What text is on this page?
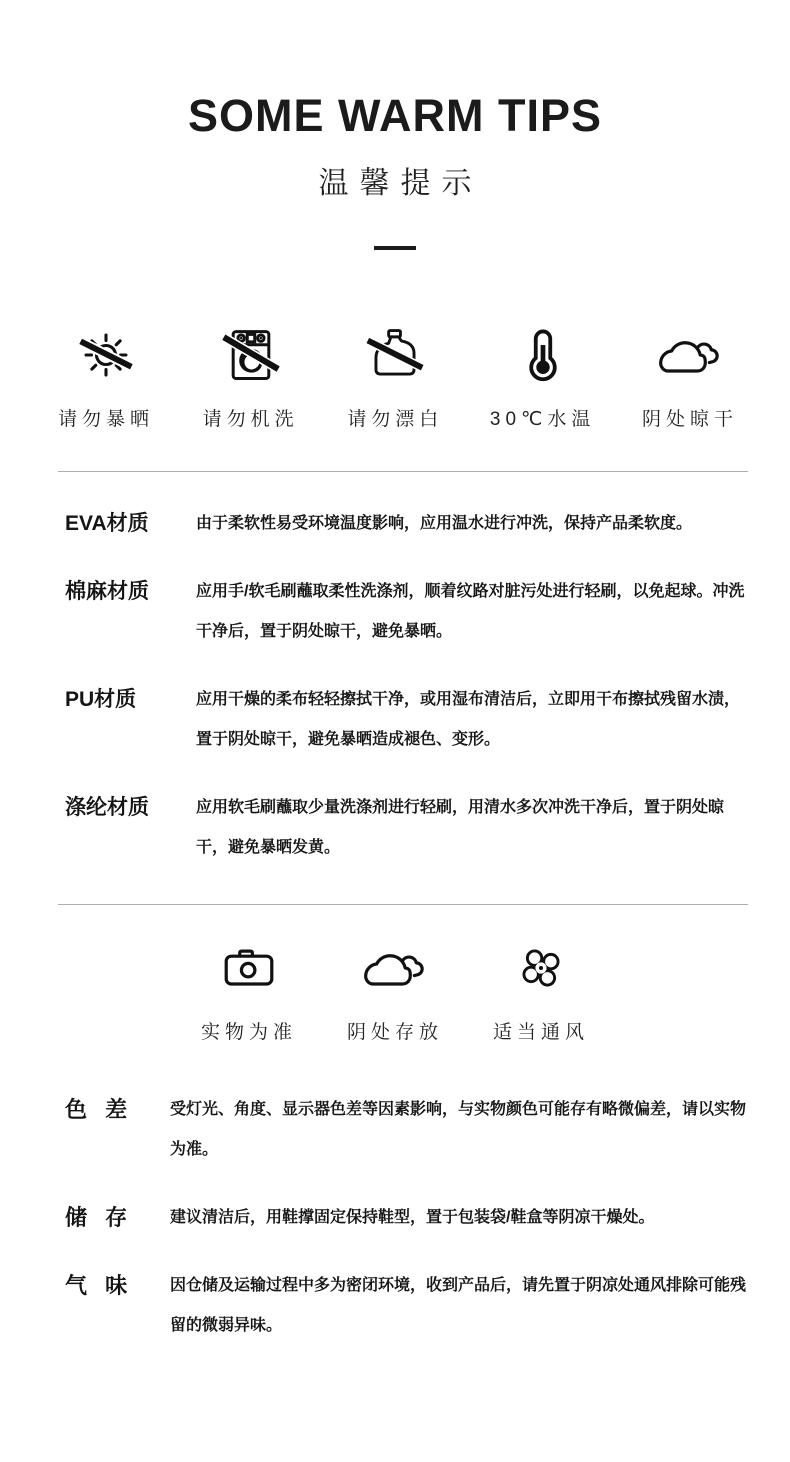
SOME WARM TIPS
温馨提示
请勿暴晒	请勿机洗	请勿漂白 30℃水温 阴处晾干
EVA材质	由于柔软性易受环境温度影响，应用温水进行冲洗，保持产品柔软度。
棉麻材质	应用手/软毛刷蘸取柔性洗涤剂，顺着纹路对脏污处进行轻刷，以免起球。冲洗干净后，置于阴处晾干，避免暴晒。
PU材质	应用干燥的柔布轻轻擦拭干净，或用湿布清洁后，立即用干布擦拭残留水渍，置于阴处晾干，避免暴晒造成褪色、变形。
涤纶材质	应用软毛刷蘸取少量洗涤剂进行轻刷，用清水多次冲洗干净后，置于阴处晾干，避免暴晒发黄。
实物为准	阴处存放	适当通风
色 差	受灯光、角度、显示器色差等因素影响，与实物颜色可能存有略微偏差，请以实物为准。
储 存	建议清洁后，用鞋撑固定保持鞋型，置于包装袋/鞋盒等阴凉干燥处。
气 味	因仓储及运输过程中多为密闭环境，收到产品后，请先置于阴凉处通风排除可能残留的微弱异味。
